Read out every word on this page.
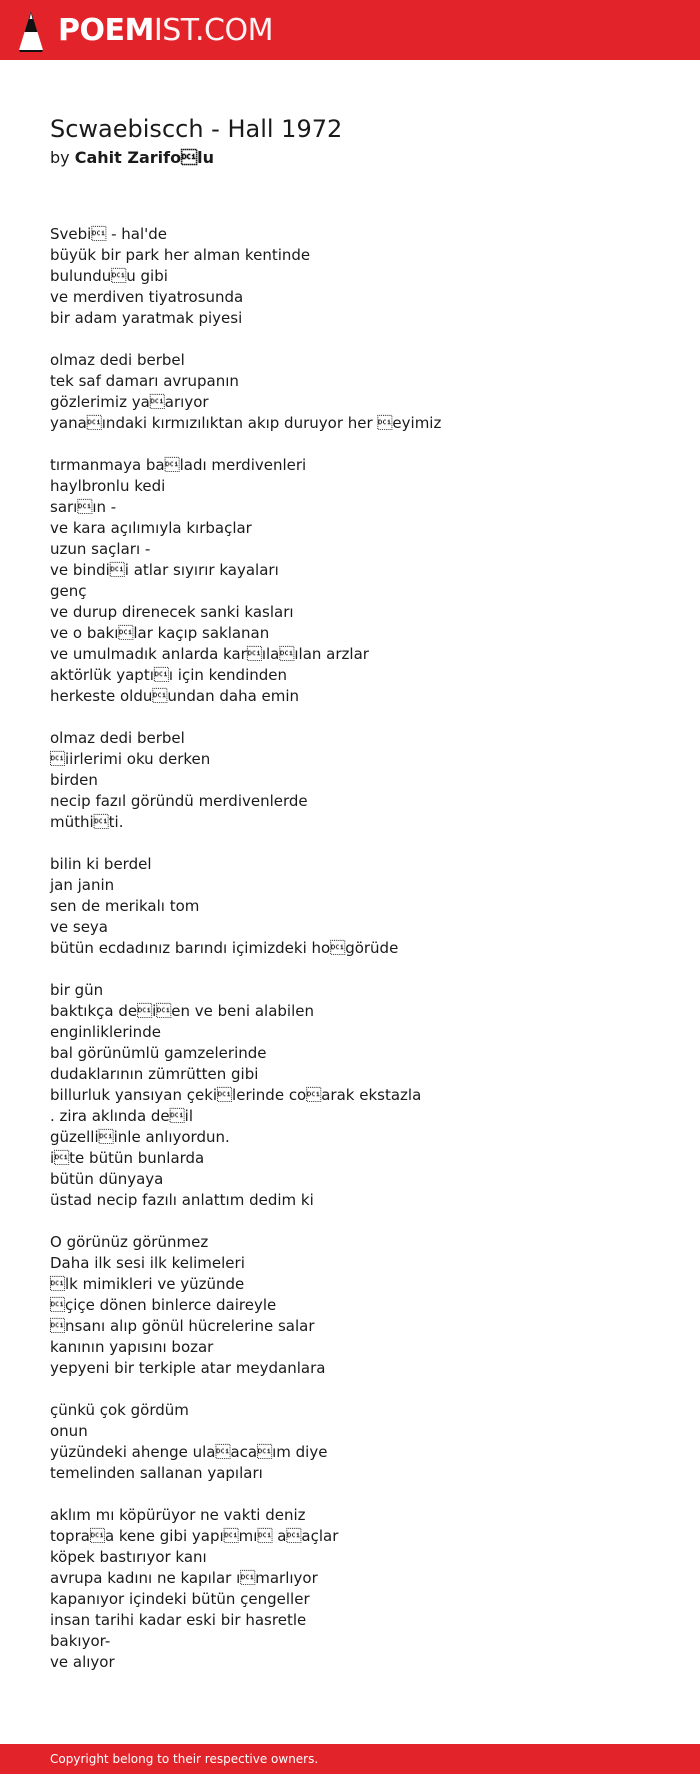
POEMIST.COM
Scwaebiscch - Hall 1972

by Cahit Zarifolu

Svebi - hal'de
büyük bir park her alman kentinde
bulunduu gibi
ve merdiven tiyatrosunda
bir adam yaratmak piyesi
olmaz dedi berbel
tek saf damarı avrupanın
gözlerimiz yaarıyor
yanaındaki kırmızılıktan akıp duruyor her eyimiz
tırmanmaya baladı merdivenleri
haylbronlu kedi
sarıın -
ve kara açılımıyla kırbaçlar
uzun saçları -
ve bindii atlar sıyırır kayaları
genç
ve durup direnecek sanki kasları
ve o bakılar kaçıp saklanan
ve umulmadık anlarda karılaılan arzlar
aktörlük yaptıı için kendinden
herkeste olduundan daha emin
olmaz dedi berbel
iirlerimi oku derken
birden
necip fazıl göründü merdivenlerde
müthiti.
bilin ki berdel
jan janin
sen de merikalı tom
ve seya
bütün ecdadınız barındı içimizdeki hogörüde
bir gün
baktıkça deien ve beni alabilen
enginliklerinde
bal görünümlü gamzelerinde
dudaklarının zümrütten gibi
billurluk yansıyan çekilerinde coarak ekstazla
. zira aklında deil
güzelliinle anlıyordun.
ite bütün bunlarda
bütün dünyaya
üstad necip fazılı anlattım dedim ki
O görünüz görünmez
Daha ilk sesi ilk kelimeleri
lk mimikleri ve yüzünde
çiçe dönen binlerce daireyle
nsanı alıp gönül hücrelerine salar
kanının yapısını bozar
yepyeni bir terkiple atar meydanlara
çünkü çok gördüm
onun
yüzündeki ahenge ulaacaım diye
temelinden sallanan yapıları
aklım mı köpürüyor ne vakti deniz
topraa kene gibi yapımı aaçlar
köpek bastırıyor kanı
avrupa kadını ne kapılar ımarlıyor
kapanıyor içindeki bütün çengeller
insan tarihi kadar eski bir hasretle
bakıyor-
ve alıyor
Copyright belong to their respective owners.
